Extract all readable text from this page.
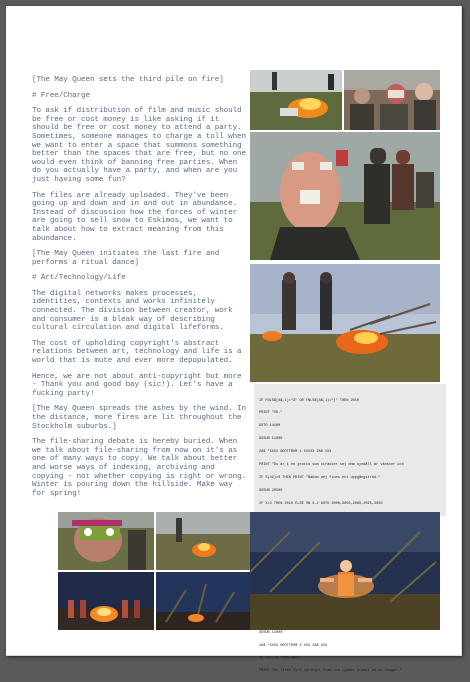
[The May Queen sets the third pile on fire]

# Free/Charge

To ask if distribution of film and music should be free or cost money is like asking if it should be free or cost money to attend a party. Sometimes, someone manages to charge a toll when we want to enter a space that summons something better than the spaces that are free, but no one would even think of banning free parties. When do you actually have a party, and when are you just having some fun?

The files are already uploaded. They've been going up and down and in and out in abundance. Instead of discussion how the forces of winter are going to sell snow to Eskimos, we want to talk about how to extract meaning from this abundance.

[The May Queen initiates the last fire and performs a ritual dance]

# Art/Technology/Life

The digital networks makes processes, identities, contexts and works infinitely connected. The division between creator, work and consumer is a bleak way of describing cultural circulation and digital lifeforms.

The cost of upholding copyright's abstract relations between art, technology and life is a world that is mute and ever more depopulated.

Hence, we are not about anti-copyright but more - Thank you and good bay (sic!). Let's have a fucking party!

[The May Queen spreads the ashes by the wind. In the distance, more fires are lit throughout the Stockholm suburbs.]

The file-sharing debate is hereby buried. When we talk about file-sharing from now on it's as one of many ways to copy. We talk about better and worse ways of indexing, archiving and copying - not whether copying is right or wrong. Winter is pouring down the hillside. Make way for spring!

IF FNLS$(A$,1)="3" OR FNLS$(A$,1)="j" THEN 2010

PRINT "OK."

GOTO 14100

GOSUB 11000

2A$ "XXXX GROTTRUM 1 XXXXX 2A$ XXX

PRINT "Du är i en grotta som sträcker sej ohm syndåll är vänster och

IF S(42)=0 THEN PRINT "Bakom dej finns ett uppgångsträd."

GOSUB 20500

IF X=3 THEN 2010 ELSE ON X-2 GOTO 3000,3050,2060,2025,3030

GOSUB 11000

2A$ "XXXX GROTTRUM 3 XXX 2A$ XXX

IF S(4)=0 THEN 2030

PRINT "En liten fyrk springer fram och rymmer kramer av en Pengar."
